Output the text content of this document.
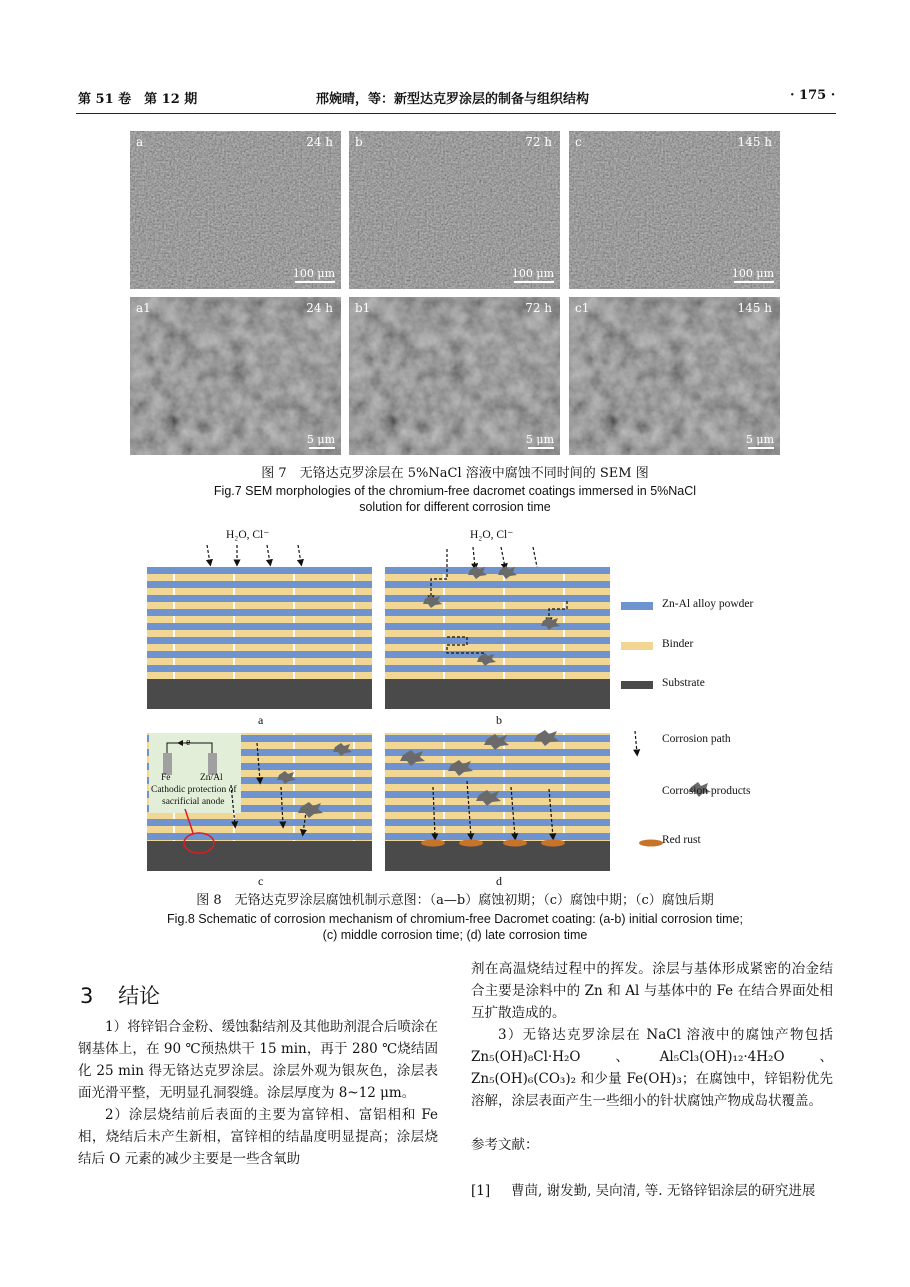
第 51 卷　第 12 期	邢婉晴，等：新型达克罗涂层的制备与组织结构	· 175 ·
a	24 h
100 μm
b	72 h
100 μm
c	145 h
100 μm
a1	24 h
5 μm
b1	72 h
5 μm
c1	145 h
5 μm
图 7　无铬达克罗涂层在 5%NaCl 溶液中腐蚀不同时间的 SEM 图
Fig.7 SEM morphologies of the chromium-free dacromet coatings immersed in 5%NaCl
solution for different corrosion time
H₂O, Cl⁻	H₂O, Cl⁻
Zn-Al alloy powder
Binder
Substrate
Corrosion path
Corrosion products
Red rust
a	b
c	d
e
Fe	Zn/Al
Cathodic protection of
sacrificial anode
图 8　无铬达克罗涂层腐蚀机制示意图：（a—b）腐蚀初期；（c）腐蚀中期；（c）腐蚀后期
Fig.8 Schematic of corrosion mechanism of chromium-free Dacromet coating: (a-b) initial corrosion time;
(c) middle corrosion time; (d) late corrosion time
3 结论

1）将锌铝合金粉、缓蚀黏结剂及其他助剂混合后喷涂在钢基体上，在 90 ℃预热烘干 15 min，再于 280 ℃烧结固化 25 min 得无铬达克罗涂层。涂层外观为银灰色，涂层表面光滑平整，无明显孔洞裂缝。涂层厚度为 8~12 μm。

2）涂层烧结前后表面的主要为富锌相、富铝相和 Fe 相，烧结后未产生新相，富锌相的结晶度明显提高；涂层烧结后 O 元素的减少主要是一些含氧助

剂在高温烧结过程中的挥发。涂层与基体形成紧密的冶金结合主要是涂料中的 Zn 和 Al 与基体中的 Fe 在结合界面处相互扩散造成的。

3）无铬达克罗涂层在 NaCl 溶液中的腐蚀产物包括 Zn₅(OH)₈Cl·H₂O 、Al₅Cl₃(OH)₁₂·4H₂O 、Zn₅(OH)₆(CO₃)₂ 和少量 Fe(OH)₃；在腐蚀中，锌铝粉优先溶解，涂层表面产生一些细小的针状腐蚀产物成岛状覆盖。

参考文献：
[1] 曹茴, 谢发勤, 吴向清, 等. 无铬锌铝涂层的研究进展
